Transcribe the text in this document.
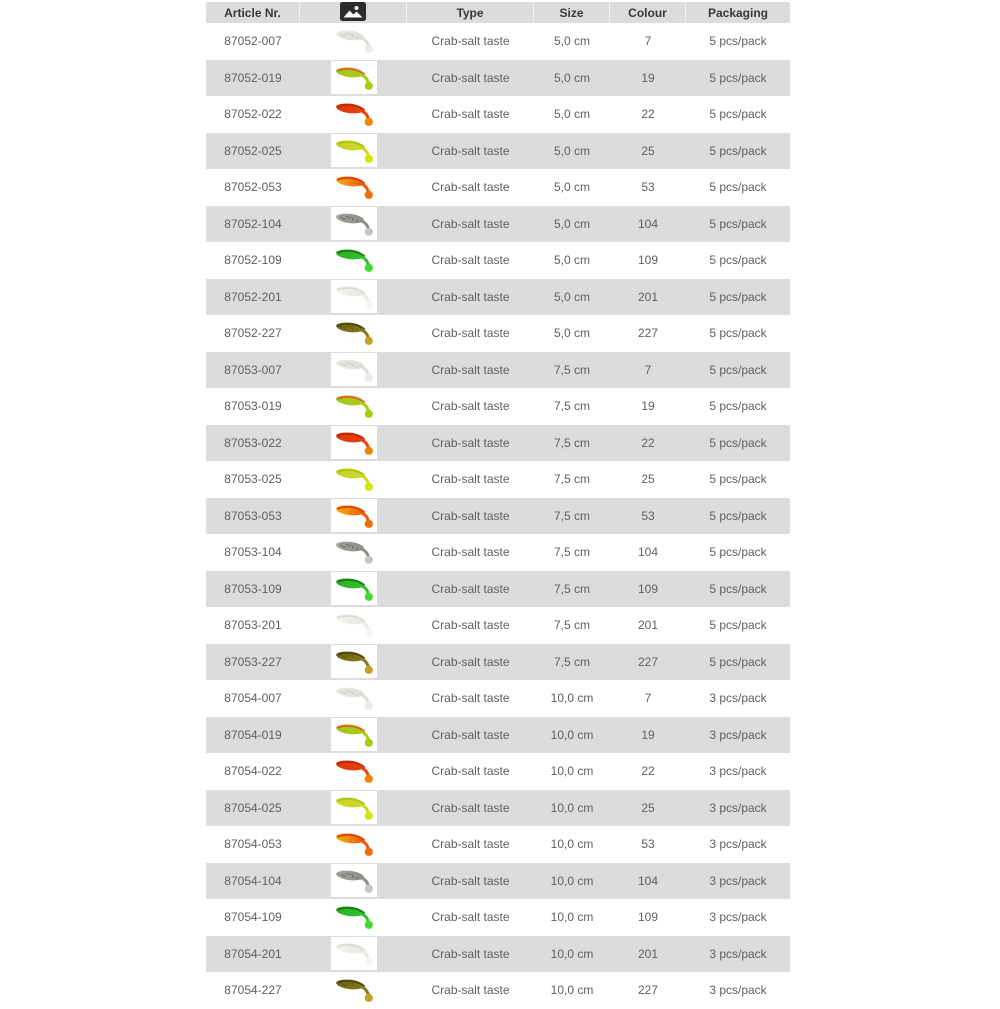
Article Nr.	Type	Size	Colour	Packaging
87052-007	Crab-salt taste	5,0 cm	7	5 pcs/pack
87052-019	Crab-salt taste	5,0 cm	19	5 pcs/pack
87052-022	Crab-salt taste	5,0 cm	22	5 pcs/pack
87052-025	Crab-salt taste	5,0 cm	25	5 pcs/pack
87052-053	Crab-salt taste	5,0 cm	53	5 pcs/pack
87052-104	Crab-salt taste	5,0 cm	104	5 pcs/pack
87052-109	Crab-salt taste	5,0 cm	109	5 pcs/pack
87052-201	Crab-salt taste	5,0 cm	201	5 pcs/pack
87052-227	Crab-salt taste	5,0 cm	227	5 pcs/pack
87053-007	Crab-salt taste	7,5 cm	7	5 pcs/pack
87053-019	Crab-salt taste	7,5 cm	19	5 pcs/pack
87053-022	Crab-salt taste	7,5 cm	22	5 pcs/pack
87053-025	Crab-salt taste	7,5 cm	25	5 pcs/pack
87053-053	Crab-salt taste	7,5 cm	53	5 pcs/pack
87053-104	Crab-salt taste	7,5 cm	104	5 pcs/pack
87053-109	Crab-salt taste	7,5 cm	109	5 pcs/pack
87053-201	Crab-salt taste	7,5 cm	201	5 pcs/pack
87053-227	Crab-salt taste	7,5 cm	227	5 pcs/pack
87054-007	Crab-salt taste	10,0 cm	7	3 pcs/pack
87054-019	Crab-salt taste	10,0 cm	19	3 pcs/pack
87054-022	Crab-salt taste	10,0 cm	22	3 pcs/pack
87054-025	Crab-salt taste	10,0 cm	25	3 pcs/pack
87054-053	Crab-salt taste	10,0 cm	53	3 pcs/pack
87054-104	Crab-salt taste	10,0 cm	104	3 pcs/pack
87054-109	Crab-salt taste	10,0 cm	109	3 pcs/pack
87054-201	Crab-salt taste	10,0 cm	201	3 pcs/pack
87054-227	Crab-salt taste	10,0 cm	227	3 pcs/pack
